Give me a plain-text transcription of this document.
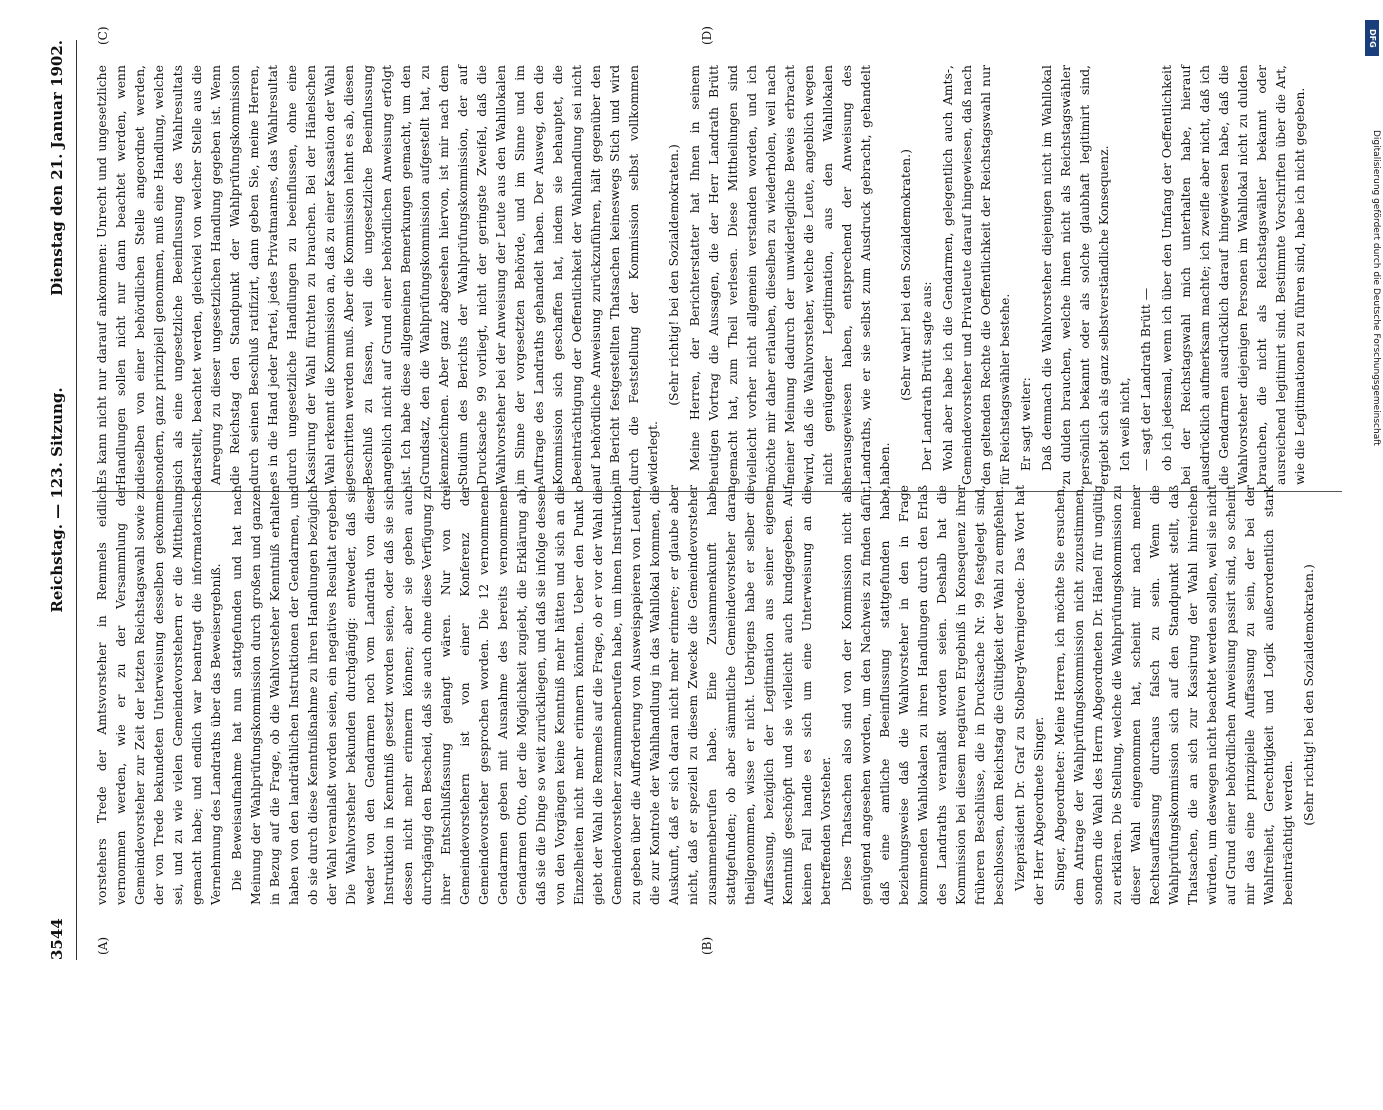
3544
Reichstag. — 123. Sitzung.
Dienstag den 21. Januar 1902.
(A)	(B)
(C)	(D)

vorstehers Trede der Amtsvorsteher in Remmels eidlich vernommen werden, wie er zu der Versammlung der Gemeindevorsteher zur Zeit der letzten Reichstagswahl sowie zu der von Trede bekundeten Unterweisung desselben gekommen sei, und zu wie vielen Gemeindevorstehern er die Mittheilung gemacht habe; und endlich war beantragt die informatorische Vernehmung des Landraths über das Beweisergebniß. Die Beweisaufnahme hat nun stattgefunden und hat nach Meinung der Wahlprüfungskommission durch großen und ganzen in Bezug auf die Frage, ob die Wahlvorsteher Kenntniß erhalten haben von den landräthlichen Instruktionen der Gendarmen, und ob sie durch diese Kenntnißnahme zu ihren Handlungen bezüglich der Wahl veranlaßt worden seien, ein negatives Resultat ergeben. Die Wahlvorsteher bekunden durchgängig: entweder, daß sie weder von den Gendarmen noch vom Landrath von dieser Instruktion in Kenntniß gesetzt worden seien, oder daß sie sich dessen nicht mehr erinnern können; aber sie geben auch durchgängig den Bescheid, daß sie auch ohne diese Verfügung zu ihrer Entschlußfassung gelangt wären. Nur von drei Gemeindevorstehern ist von einer Konferenz der Gemeindevorsteher gesprochen worden. Die 12 vernommenen Gendarmen geben mit Ausnahme des bereits vernommenen Gendarmen Otto, der die Möglichkeit zugiebt, die Erklärung ab, daß sie die Dinge so weit zurückliegen, und daß sie infolge dessen von den Vorgängen keine Kenntniß mehr hätten und sich an die Einzelheiten nicht mehr erinnern könnten. Ueber den Punkt o giebt der Wahl die Remmels auf die Frage, ob er vor der Wahl die Gemeindevorsteher zusammenberufen habe, um ihnen Instruktion zu geben über die Aufforderung von Ausweispapieren von Leuten, die zur Kontrole der Wahlhandlung in das Wahllokal kommen, die Auskunft, daß er sich daran nicht mehr erinnere; er glaube aber nicht, daß er speziell zu diesem Zwecke die Gemeindevorsteher zusammenberufen habe. Eine Zusammenkunft habe stattgefunden; ob aber sämmtliche Gemeindevorsteher daran theilgenommen, wisse er nicht. Uebrigens habe er selber die Auffassung, bezüglich der Legitimation aus seiner eigenen Kenntniß geschöpft und sie vielleicht auch kundgegeben. Auf keinen Fall handle es sich um eine Unterweisung an die betreffenden Vorsteher. Diese Thatsachen also sind von der Kommission nicht als genügend angesehen worden, um den Nachweis zu finden dafür, daß eine amtliche Beeinflussung stattgefunden habe, beziehungsweise daß die Wahlvorsteher in den in Frage kommenden Wahllokalen zu ihren Handlungen durch den Erlaß des Landraths veranlaßt worden seien. Deshalb hat die Kommission bei diesem negativen Ergebniß in Konsequenz ihrer früheren Beschlüsse, die in Drucksache Nr. 99 festgelegt sind, beschlossen, dem Reichstag die Gültigkeit der Wahl zu empfehlen. Vizepräsident Dr. Graf zu Stolberg-Wernigerode: Das Wort hat der Herr Abgeordnete Singer. Singer, Abgeordneter: Meine Herren, ich möchte Sie ersuchen, dem Antrage der Wahlprüfungskommission nicht zuzustimmen, sondern die Wahl des Herrn Abgeordneten Dr. Hänel für ungültig zu erklären. Die Stellung, welche die Wahlprüfungskommission zu dieser Wahl eingenommen hat, scheint mir nach meiner Rechtsauffassung durchaus falsch zu sein. Wenn die Wahlprüfungskommission sich auf den Standpunkt stellt, daß Thatsachen, die an sich zur Kassirung der Wahl hinreichen würden, um deswegen nicht beachtet werden sollen, weil sie nicht auf Grund einer behördlichen Anweisung passirt sind, so scheint mir das eine prinzipielle Auffassung zu sein, der bei der Wahlfreiheit, Gerechtigkeit und Logik außerordentlich stark beeinträchtigt werden.

(Sehr richtig! bei den Sozialdemokraten.)

Es kann nicht nur darauf ankommen: Unrecht und ungesetzliche Handlungen sollen nicht nur dann beachtet werden, wenn dieselben von einer behördlichen Stelle angeordnet werden, sondern, ganz prinzipiell genommen, muß eine Handlung, welche sich als eine ungesetzliche Beeinflussung des Wahlresultats darstellt, beachtet werden, gleichviel von welcher Stelle aus die Anregung zu dieser ungesetzlichen Handlung gegeben ist. Wenn die Reichstag den Standpunkt der Wahlprüfungskommission durch seinen Beschluß ratifizirt, dann geben Sie, meine Herren, es in die Hand jeder Partei, jedes Privatmannes, das Wahlresultat durch ungesetzliche Handlungen zu beeinflussen, ohne eine Kassirung der Wahl fürchten zu brauchen. Bei der Hänelschen Wahl erkennt die Kommission an, daß zu einer Kassation der Wahl geschritten werden muß. Aber die Kommission lehnt es ab, diesen Beschluß zu fassen, weil die ungesetzliche Beeinflussung angeblich nicht auf Grund einer behördlichen Anweisung erfolgt ist. Ich habe diese allgemeinen Bemerkungen gemacht, um den Grundsatz, den die Wahlprüfungskommission aufgestellt hat, zu kennzeichnen. Aber ganz abgesehen hiervon, ist mir nach dem Studium des Berichts der Wahlprüfungskommission, der auf Drucksache 99 vorliegt, nicht der geringste Zweifel, daß die Wahlvorsteher bei der Anweisung der Leute aus den Wahllokalen im Sinne der vorgesetzten Behörde, und im Sinne und im Auftrage des Landraths gehandelt haben. Der Ausweg, den die Kommission sich geschaffen hat, indem sie behauptet, die Beeinträchtigung der Oeffentlichkeit der Wahlhandlung sei nicht auf behördliche Anweisung zurückzuführen, hält gegenüber den im Bericht festgestellten Thatsachen keineswegs Stich und wird durch die Feststellung der Kommission selbst vollkommen widerlegt.

(Sehr richtig! bei den Sozialdemokraten.) Meine Herren, der Berichterstatter hat Ihnen in seinem heutigen Vortrag die Aussagen, die der Herr Landrath Brütt gemacht hat, zum Theil verlesen. Diese Mittheilungen sind vielleicht vorher nicht allgemein verstanden worden, und ich möchte mir daher erlauben, dieselben zu wiederholen, weil nach meiner Meinung dadurch der unwiderlegliche Beweis erbracht wird, daß die Wahlvorsteher, welche die Leute, angeblich wegen nicht genügender Legitimation, aus den Wahllokalen herausgewiesen haben, entsprechend der Anweisung des Landraths, wie er sie selbst zum Ausdruck gebracht, gehandelt haben.

(Sehr wahr! bei den Sozialdemokraten.) Der Landrath Brütt sagte aus: Wohl aber habe ich die Gendarmen, gelegentlich auch Amts-, Gemeindevorsteher und Privatleute darauf hingewiesen, daß nach den geltenden Rechte die Oeffentlichkeit der Reichstagswahl nur für Reichstagswähler bestehe. Er sagt weiter: Daß demnach die Wahlvorsteher diejenigen nicht im Wahllokal zu dulden brauchen, welche ihnen nicht als Reichstagswähler persönlich bekannt oder als solche glaubhaft legitimirt sind, ergiebt sich als ganz selbstverständliche Konsequenz. Ich weiß nicht, — sagt der Landrath Brütt — ob ich jedesmal, wenn ich über den Umfang der Oeffentlichkeit bei der Reichstagswahl mich unterhalten habe, hierauf ausdrücklich aufmerksam machte; ich zweifle aber nicht, daß ich die Gendarmen ausdrücklich darauf hingewiesen habe, daß die Wahlvorsteher diejenigen Personen im Wahllokal nicht zu dulden brauchen, die nicht als Reichstagswähler bekannt oder ausreichend legitimirt sind. Bestimmte Vorschriften über die Art, wie die Legitimationen zu führen sind, habe ich nicht gegeben.

DFG
Digitalisierung gefördert durch die Deutsche Forschungsgemeinschaft
